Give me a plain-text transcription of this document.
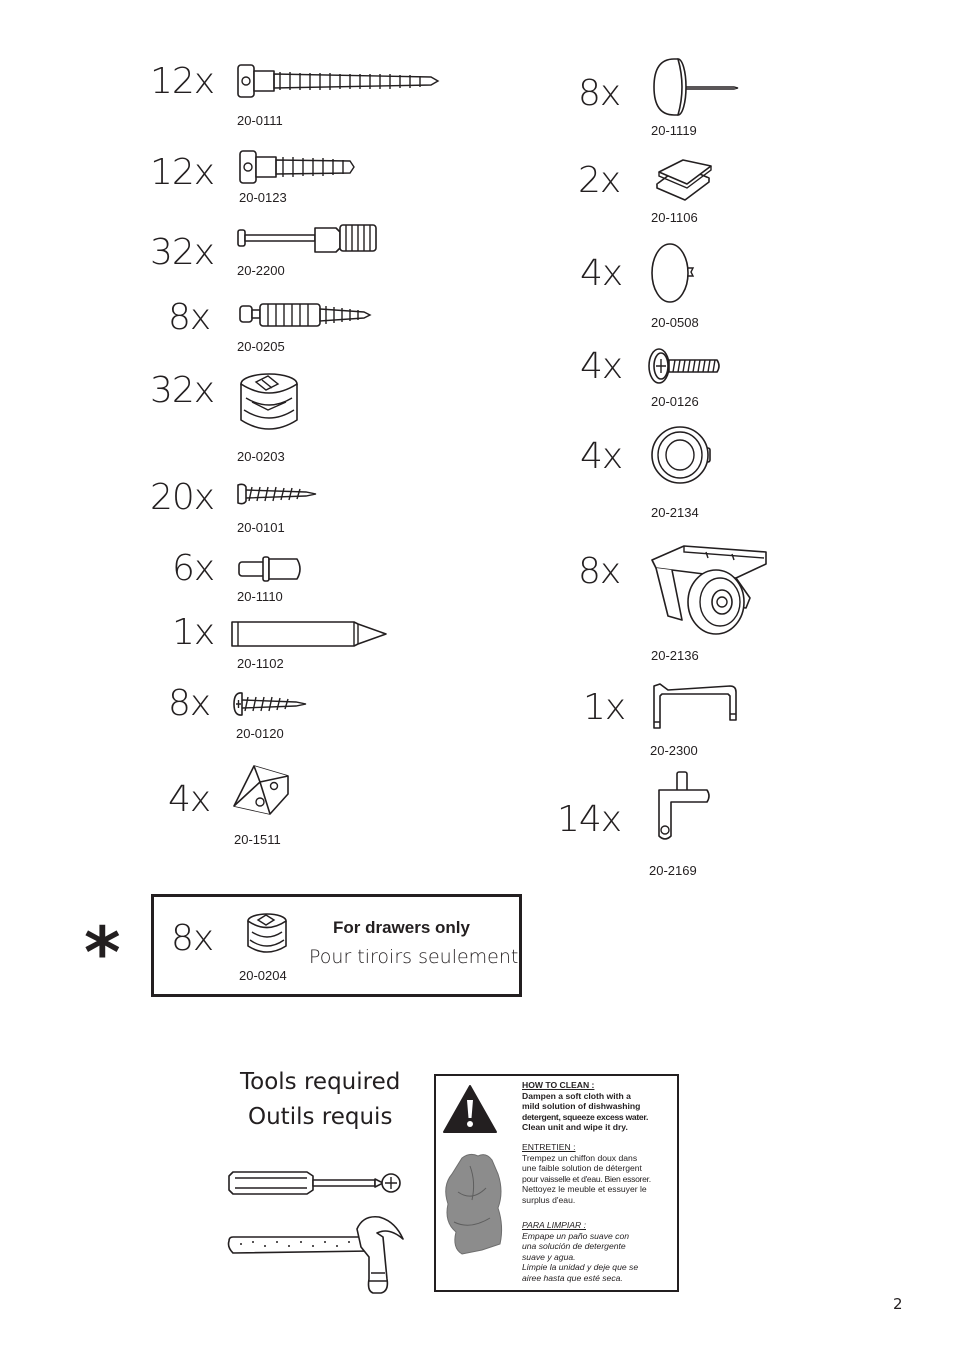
12x
20-0111
12x
20-0123
32x 20-2200
8x
20-0205
32x
20-0203
20x
20-0101
6x
20-1110
1x
20-1102
8x
20-0120
4x
20-1511
8x
20-1119
2x
20-1106
4x
20-0508
4x
20-0126
4x
20-2134
8x
20-2136
1x
20-2300
14x
20-2169
* 8x
20-0204
For drawers only
Pour tiroirs seulement
Tools required
Outils requis
HOW TO CLEAN :
Dampen a soft cloth with a
mild solution of dishwashing
detergent, squeeze excess water.
Clean unit and wipe it dry.
ENTRETIEN :
Trempez un chiffon doux dans
une faible solution de détergent
pour vaisselle et d'eau. Bien essorer.
Nettoyez le meuble et essuyer le
surplus d'eau.
PARA LIMPIAR :
Empape un paño suave con
una solución de detergente
suave y agua.
Limpie la unidad y deje que se
airee hasta que esté seca.
2
